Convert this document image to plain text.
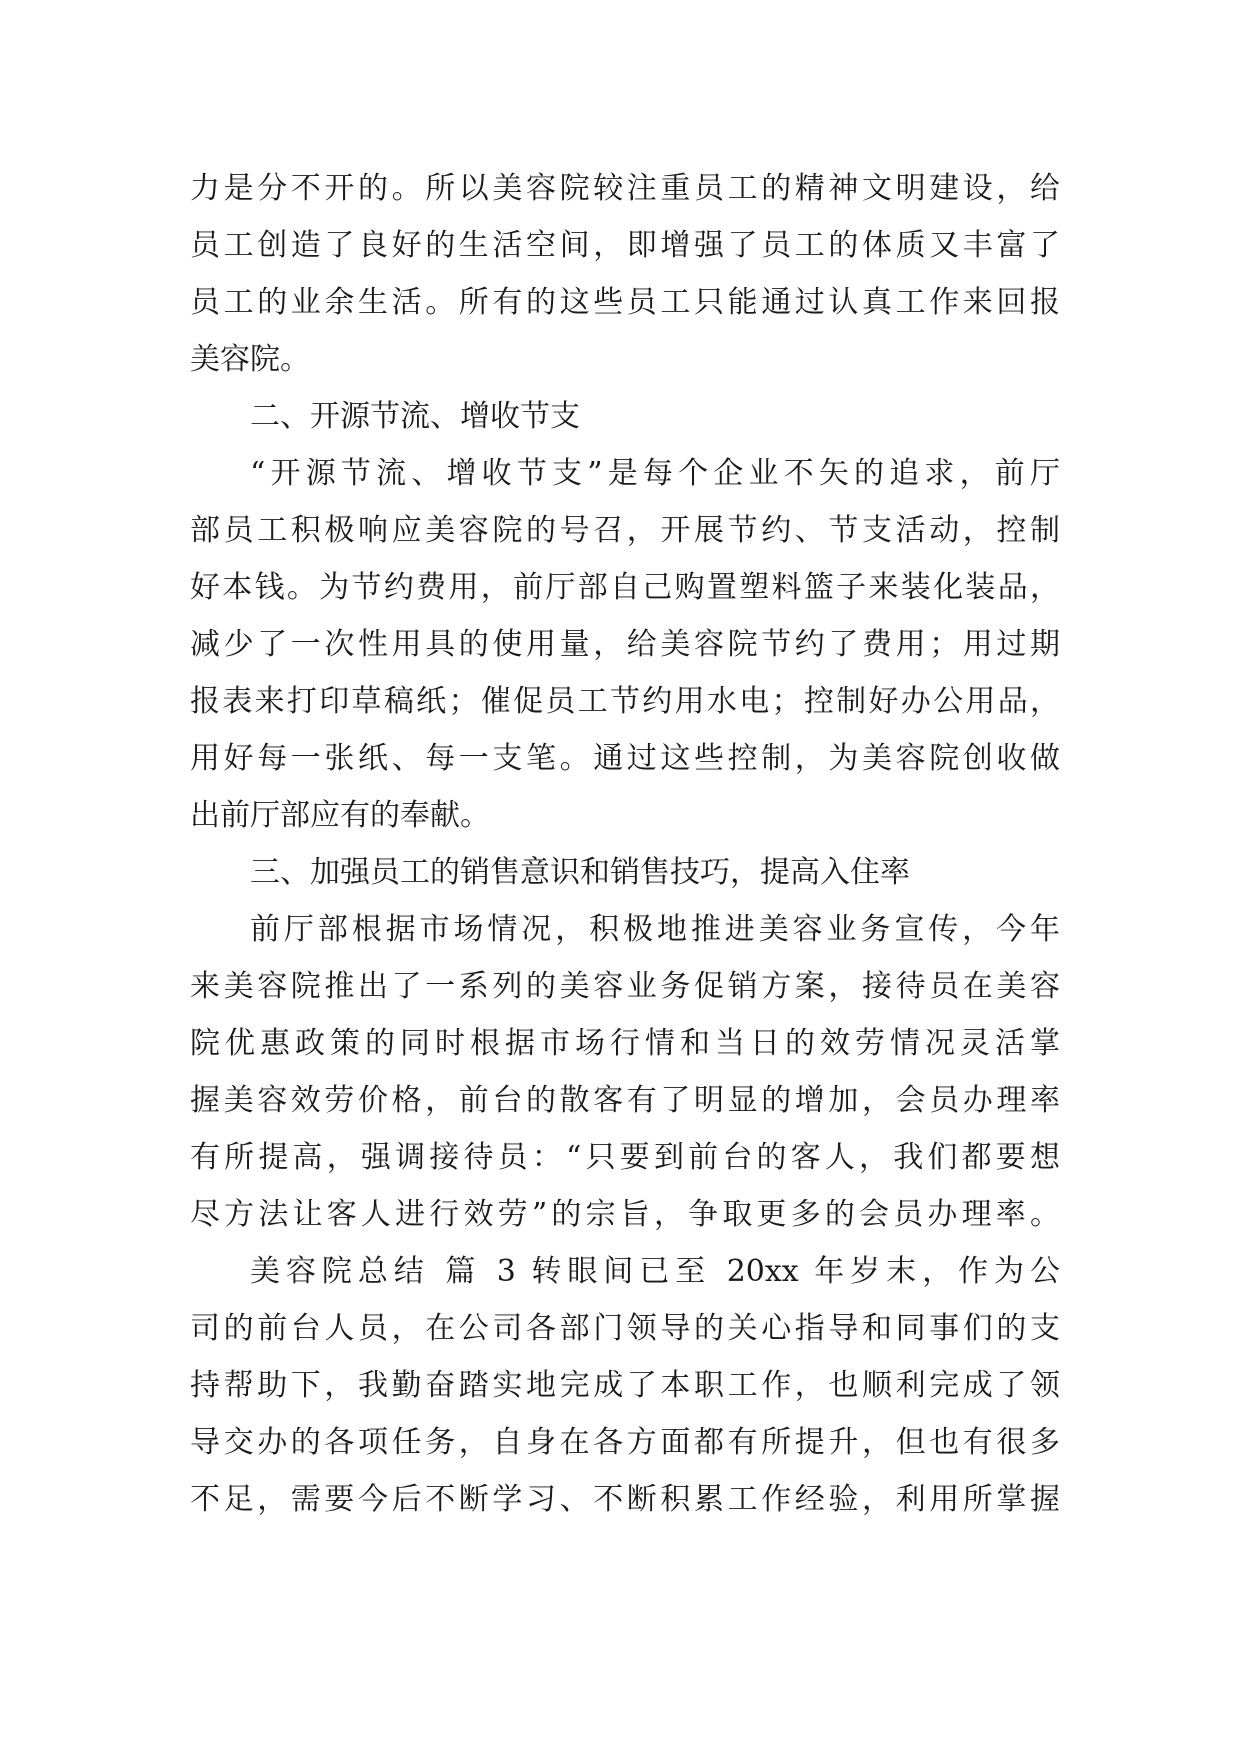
力是分不开的。所以美容院较注重员工的精神文明建设，给
员工创造了良好的生活空间，即增强了员工的体质又丰富了
员工的业余生活。所有的这些员工只能通过认真工作来回报
美容院。
二、开源节流、增收节支
“开源节流、增收节支”是每个企业不矢的追求，前厅
部员工积极响应美容院的号召，开展节约、节支活动，控制
好本钱。为节约费用，前厅部自己购置塑料篮子来装化装品，
减少了一次性用具的使用量，给美容院节约了费用；用过期
报表来打印草稿纸；催促员工节约用水电；控制好办公用品，
用好每一张纸、每一支笔。通过这些控制，为美容院创收做
出前厅部应有的奉献。
三、加强员工的销售意识和销售技巧，提高入住率
前厅部根据市场情况，积极地推进美容业务宣传，今年
来美容院推出了一系列的美容业务促销方案，接待员在美容
院优惠政策的同时根据市场行情和当日的效劳情况灵活掌
握美容效劳价格，前台的散客有了明显的增加，会员办理率
有所提高，强调接待员：“只要到前台的客人，我们都要想
尽方法让客人进行效劳”的宗旨，争取更多的会员办理率。
美容院总结 篇 3 转眼间已至 20xx 年岁末，作为公
司的前台人员，在公司各部门领导的关心指导和同事们的支
持帮助下，我勤奋踏实地完成了本职工作，也顺利完成了领
导交办的各项任务，自身在各方面都有所提升，但也有很多
不足，需要今后不断学习、不断积累工作经验，利用所掌握
